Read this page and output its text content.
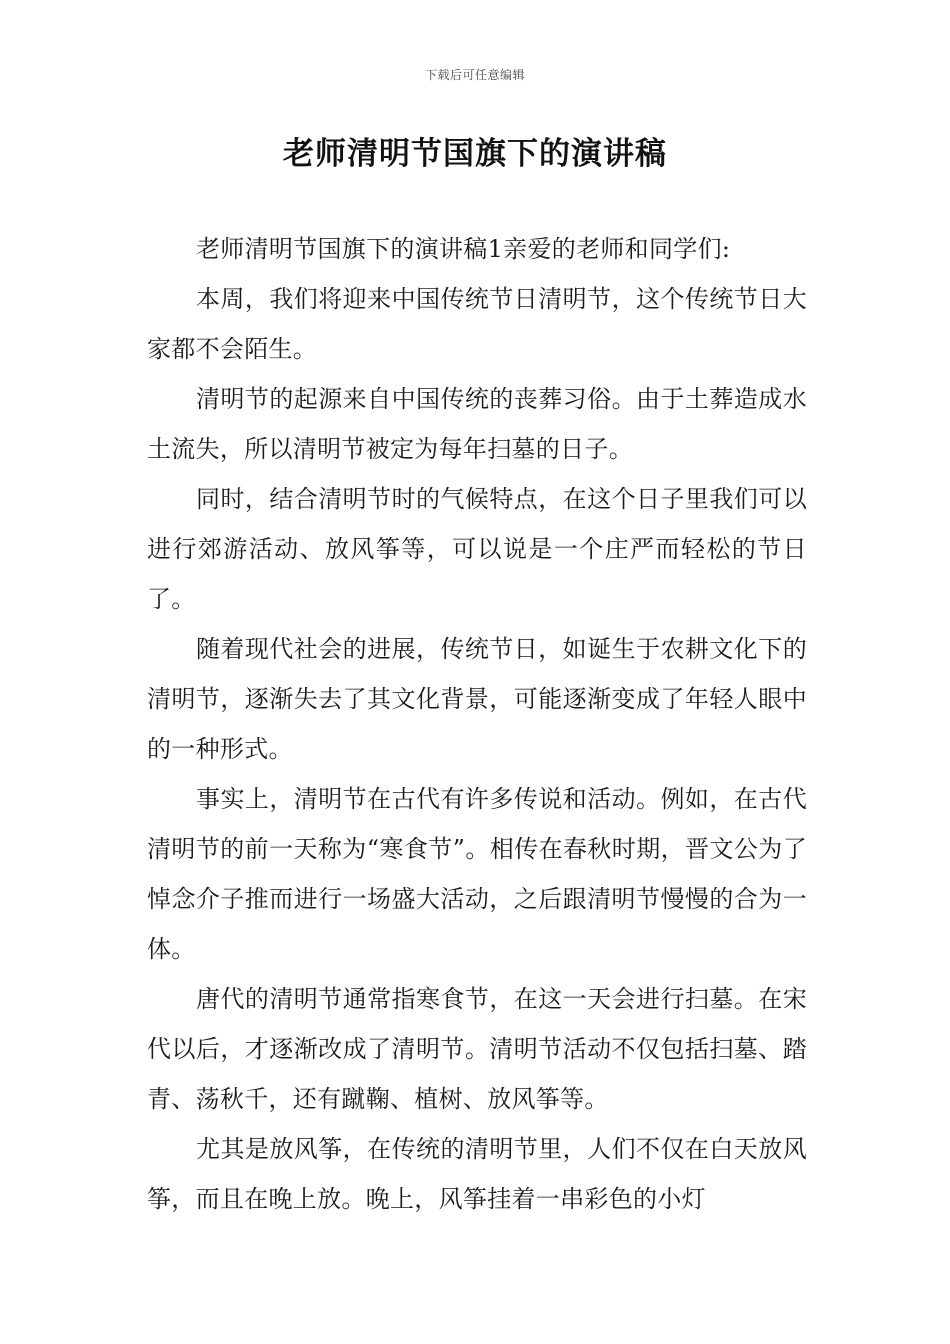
下载后可任意编辑
老师清明节国旗下的演讲稿

老师清明节国旗下的演讲稿1亲爱的老师和同学们:

本周，我们将迎来中国传统节日清明节，这个传统节日大家都不会陌生。

清明节的起源来自中国传统的丧葬习俗。由于土葬造成水土流失，所以清明节被定为每年扫墓的日子。

同时，结合清明节时的气候特点，在这个日子里我们可以进行郊游活动、放风筝等，可以说是一个庄严而轻松的节日了。

随着现代社会的进展，传统节日，如诞生于农耕文化下的清明节，逐渐失去了其文化背景，可能逐渐变成了年轻人眼中的一种形式。

事实上，清明节在古代有许多传说和活动。例如，在古代清明节的前一天称为“寒食节”。相传在春秋时期，晋文公为了悼念介子推而进行一场盛大活动，之后跟清明节慢慢的合为一体。

唐代的清明节通常指寒食节，在这一天会进行扫墓。在宋代以后，才逐渐改成了清明节。清明节活动不仅包括扫墓、踏青、荡秋千，还有蹴鞠、植树、放风筝等。

尤其是放风筝，在传统的清明节里，人们不仅在白天放风筝，而且在晚上放。晚上，风筝挂着一串彩色的小灯
